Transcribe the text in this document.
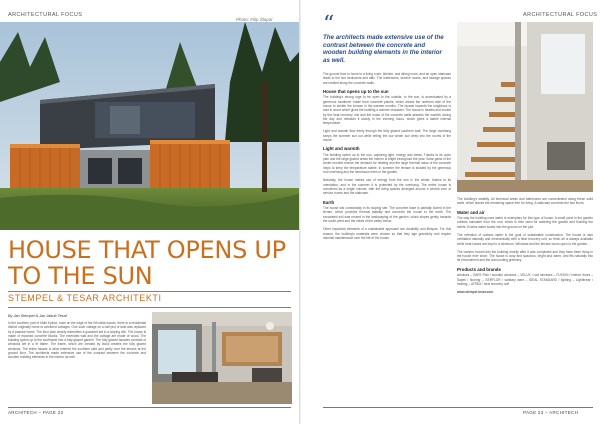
ARCHITECTURAL FOCUS
Photo: Filip Šlapal
HOUSE THAT OPENS UP TO THE SUN
STEMPEL & TESAR ARCHITEKTI
By Jan Stempel & Jan Jakub Tesař

In the southern part of Malé Kyšice, town on the edge of the Křivoklát woods, there is a residential district originally home to weekend cottages. One such cottage on a half plot of land was replaced by a passive home. The floor plan clearly resembles a quadrant set in a sloping site. The house is made of exposed concrete blocks. The extended wall and the cottage are made of wood. The building opens up to the southwest into a fully glazed garden. The fully glazed facades consists of windows set in a fir frame. The frame, which are created by block creates the fully glazed windows. The entire facade is what entered the southern side and partly over the terrace at the ground floor. The architects made extensive use of the contrast between the concrete and wooden building elements in the interior as well.

ARCHITECH – PAGE 22
ARCHITECTURAL FOCUS
“
The architects made extensive use of the contrast between the concrete and wooden building elements in the interior as well.

The ground floor is home to a living room, kitchen, and dining room, and an open staircase leads to the two bedrooms and attic. The bathrooms, service rooms, and storage spaces are nestled along the concrete walls.

House that opens up to the sun

The building's strong urge to be open to the outside, to the sun, is accentuated by a generous cantilever made from concrete panels, which allows the northern side of the house to shelter the terrace in the warmer months. The facade towards the neighbour is clad in wood which gives the building a warmer character. The house is heated and cooled by the heat recovery unit and the mass of the concrete walls absorbs the warmth during the day and releases it slowly in the evening hours, which gives a stable internal temperature.

Light and warmth flow freely through the fully glazed southern wall. The large overhang keeps the summer sun out while letting the low winter sun deep into the rooms of the house.

Light and warmth

The building opens up to the sun, capturing light, energy and views. Thanks to its open plan and the large glazed areas the interior is bright throughout the year. Solar gains in the winter months reduce the demand for heating and the large thermal mass of the concrete helps to keep the temperature stable. In summer the terrace is shaded by the generous roof overhang and the deciduous trees in the garden.

Naturally, the house makes use of energy from the sun in the winter, thanks to its orientation, and in the summer it is protected by the overhang. The entire house is conceived as a single volume, with the living spaces arranged around a central core of service rooms and the staircase.

Earth

The house sits comfortably in its sloping site. The concrete base is partially buried in the terrain, which provides thermal stability and connects the house to the earth. The excavated soil was reused in the landscaping of the garden, which slopes gently towards the south-west and the views of the valley below.

Other important elements of a sustainable approach are durability and lifespan. For this reason, the building's materials were chosen so that they age gracefully and require minimal maintenance over the life of the house.

The building's stability. All technical areas and bathrooms are concentrated along these solid walls, which leaves the remaining space free for living. A staircase connects the two floors.

Water and air

The way the building uses water is exemplary for this type of house. A small pond in the garden collects rainwater from the roof, which is then used for watering the garden and flushing the toilets. Excess water soaks into the ground on the plot.

The retention of surface water is the goal of sustainable construction. The house is also ventilated naturally and mechanically with a heat recovery unit, so fresh air is always available while heat losses are kept to a minimum. Windows and the terrace doors open to the garden.

The owners moved into the building shortly after it was completed and they have been living in the house ever since. The house is cosy and spacious, bright and warm, and fits naturally into its environment and the surrounding greenery.

Products and brands

windows – DAFE Flair / wooden windows – VELUX / roof windows – FUSION / interior doors – Sapeli / flooring – GERFLOR / sanitary ware – IDEAL STANDARD / lighting – Lightlinear / heating – ATREA / heat recovery unit

www.stempel-tesar.com

PAGE 23 – ARCHITECH
